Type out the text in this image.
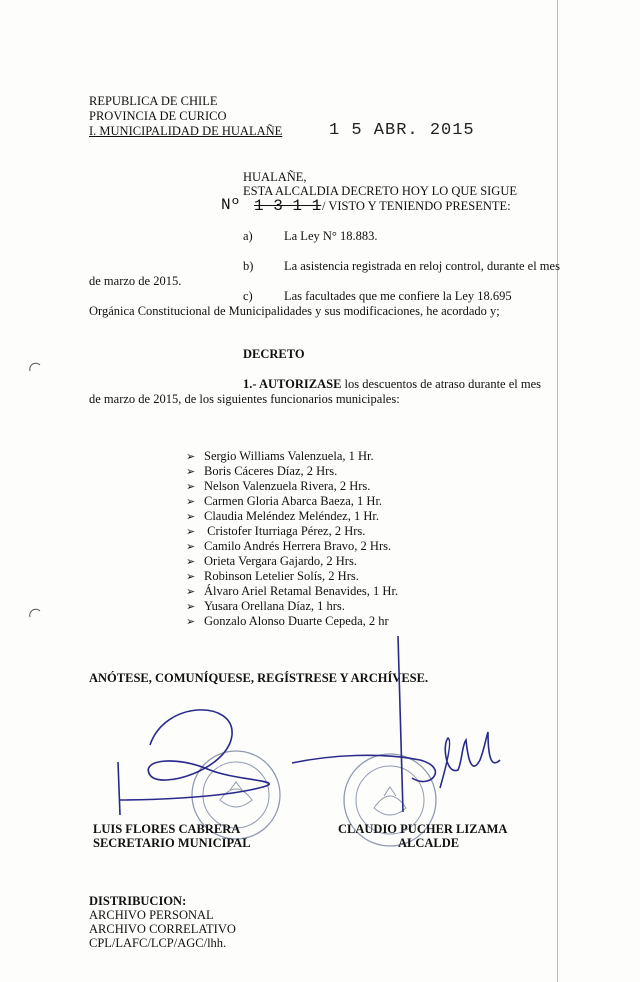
REPUBLICA DE CHILE
PROVINCIA DE CURICO
I. MUNICIPALIDAD DE HUALAÑE	1 5 ABR. 2015
HUALAÑE,
ESTA ALCALDIA DECRETO HOY LO QUE SIGUE
Nº 1 3 1 1 / VISTO Y TENIENDO PRESENTE:
a)	La Ley N° 18.883.
b) La asistencia registrada en reloj control, durante el mes
de marzo de 2015.
c)	Las facultades que me confiere la Ley 18.695
Orgánica Constitucional de Municipalidades y sus modificaciones, he acordado y;
DECRETO
1.- AUTORIZASE los descuentos de atraso durante el mes
de marzo de 2015, de los siguientes funcionarios municipales:
➢ Sergio Williams Valenzuela, 1 Hr.
➢ Boris Cáceres Díaz, 2 Hrs.
➢ Nelson Valenzuela Rivera, 2 Hrs.
➢ Carmen Gloria Abarca Baeza, 1 Hr.
➢ Claudia Meléndez Meléndez, 1 Hr.
➢ Cristofer Iturriaga Pérez, 2 Hrs.
➢ Camilo Andrés Herrera Bravo, 2 Hrs.
➢ Orieta Vergara Gajardo, 2 Hrs.
➢ Robinson Letelier Solís, 2 Hrs.
➢ Álvaro Ariel Retamal Benavides, 1 Hr.
➢ Yusara Orellana Díaz, 1 hrs.
➢ Gonzalo Alonso Duarte Cepeda, 2 hr
ANÓTESE, COMUNÍQUESE, REGÍSTRESE Y ARCHÍVESE.
LUIS FLORES CABRERA
SECRETARIO MUNICIPAL
CLAUDIO PUCHER LIZAMA
ALCALDE
DISTRIBUCION:
ARCHIVO PERSONAL
ARCHIVO CORRELATIVO
CPL/LAFC/LCP/AGC/lhh.
